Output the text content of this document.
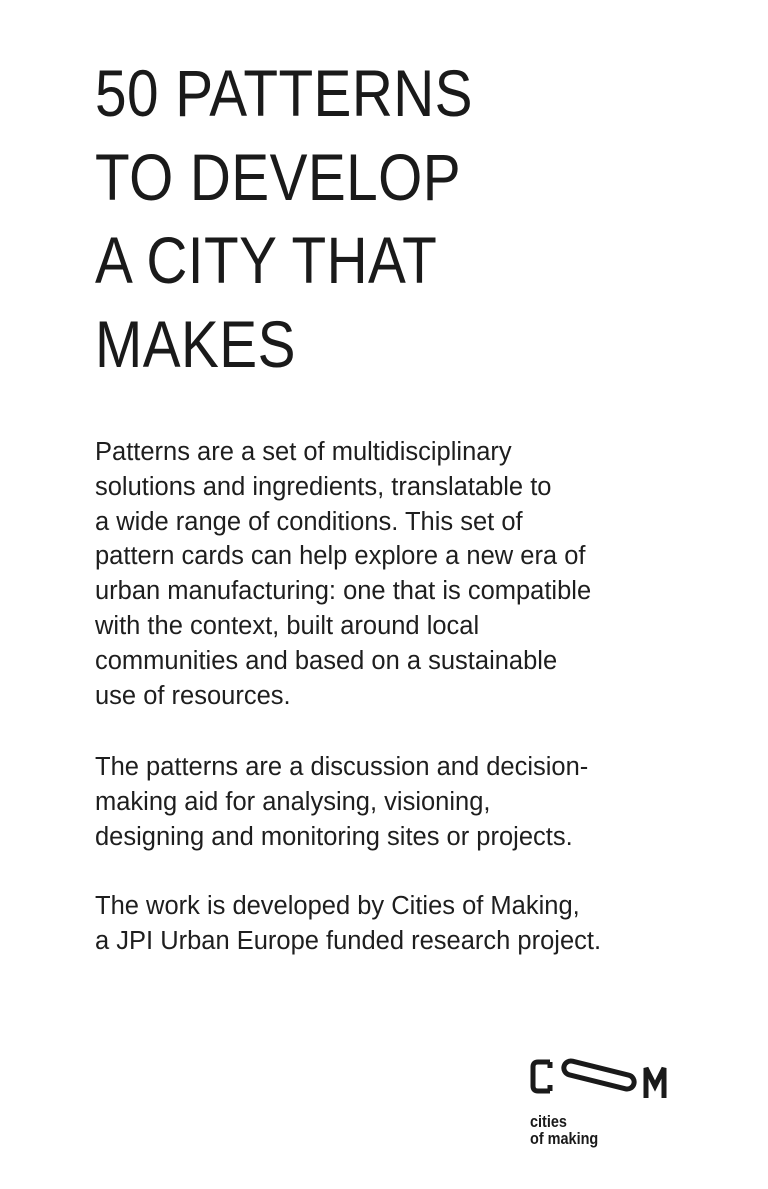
50 PATTERNS
TO DEVELOP
A CITY THAT
MAKES

Patterns are a set of multidisciplinary
solutions and ingredients, translatable to
a wide range of conditions. This set of
pattern cards can help explore a new era of
urban manufacturing: one that is compatible
with the context, built around local
communities and based on a sustainable
use of resources.

The patterns are a discussion and decision-
making aid for analysing, visioning,
designing and monitoring sites or projects.

The work is developed by Cities of Making,
a JPI Urban Europe funded research project.

cities
of making
